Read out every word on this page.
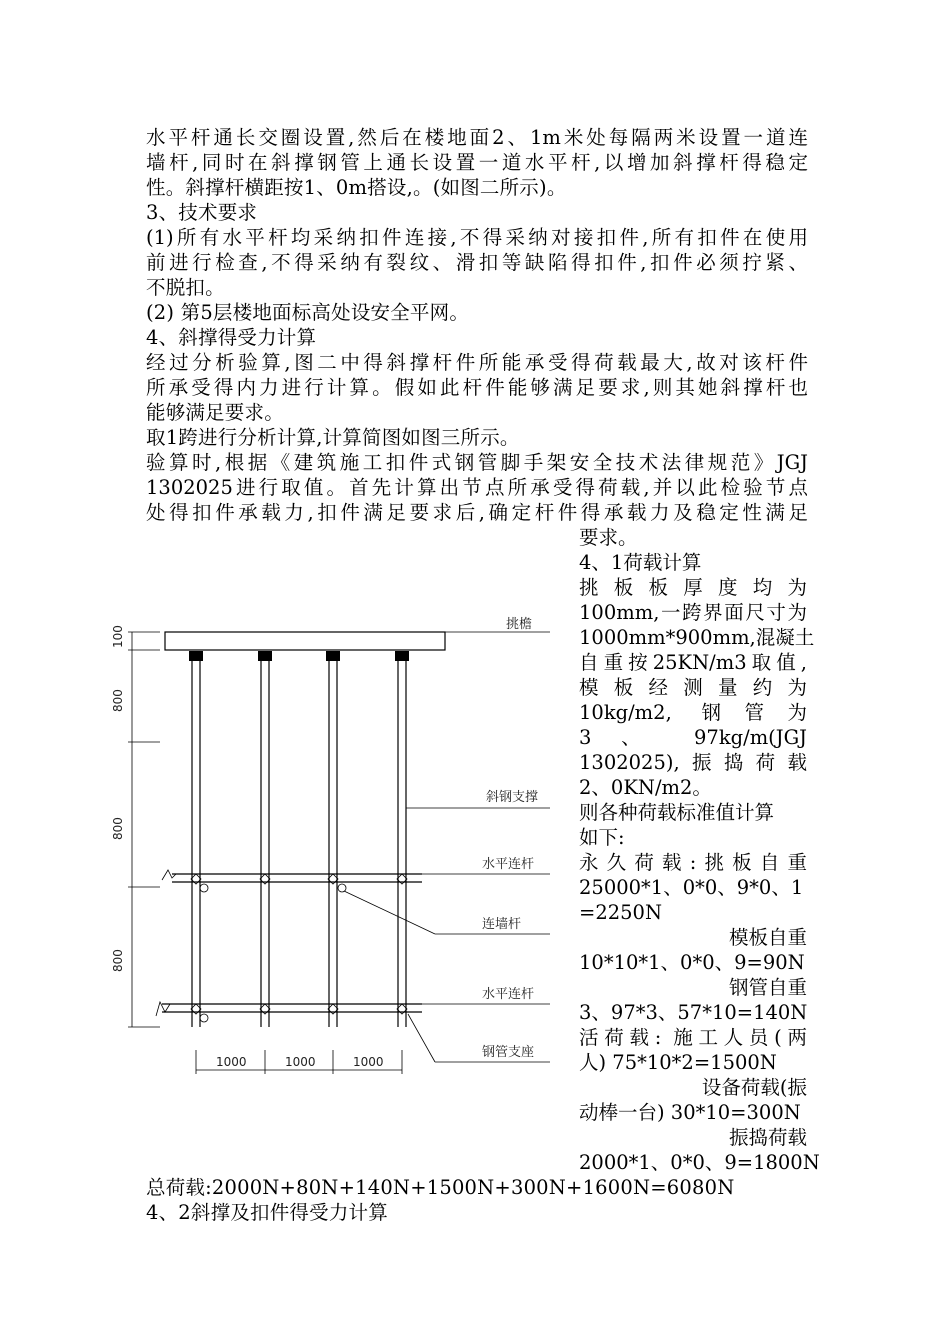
水平杆通长交圈设置,然后在楼地面2、1m米处每隔两米设置一道连
墙杆,同时在斜撑钢管上通长设置一道水平杆,以增加斜撑杆得稳定
性。斜撑杆横距按1、0m搭设,。(如图二所示)。
3、技术要求
(1)所有水平杆均采纳扣件连接,不得采纳对接扣件,所有扣件在使用
前进行检查,不得采纳有裂纹、滑扣等缺陷得扣件,扣件必须拧紧、
不脱扣。
(2) 第5层楼地面标高处设安全平网。
4、斜撑得受力计算
经过分析验算,图二中得斜撑杆件所能承受得荷载最大,故对该杆件
所承受得内力进行计算。假如此杆件能够满足要求,则其她斜撑杆也
能够满足要求。
取1跨进行分析计算,计算简图如图三所示。
验算时,根据《建筑施工扣件式钢管脚手架安全技术法律规范》JGJ
1302025进行取值。首先计算出节点所承受得荷载,并以此检验节点
处得扣件承载力,扣件满足要求后,确定杆件得承载力及稳定性满足
要求。
4、1荷载计算
挑板板厚度均为
100mm,一跨界面尺寸为
1000mm*900mm,混凝土
自重按25KN/m3取值,
模板经测量约为
10kg/m2, 钢管为
3 、 97kg/m(JGJ
1302025),振捣荷载
2、0KN/m2。
则各种荷载标准值计算
如下:
永久荷载:挑板自重
25000*1、0*0、9*0、1
=2250N
模板自重
10*10*1、0*0、9=90N
钢管自重
3、97*3、57*10=140N
活荷载: 施工人员(两
人) 75*10*2=1500N
设备荷载(振
动棒一台) 30*10=300N
振捣荷载
2000*1、0*0、9=1800N
总荷载:2000N+80N+140N+1500N+300N+1600N=6080N
4、2斜撑及扣件得受力计算
100
800
800
800
1000	1000	1000
挑檐
斜钢支撑
水平连杆
连墙杆
水平连杆
钢管支座
